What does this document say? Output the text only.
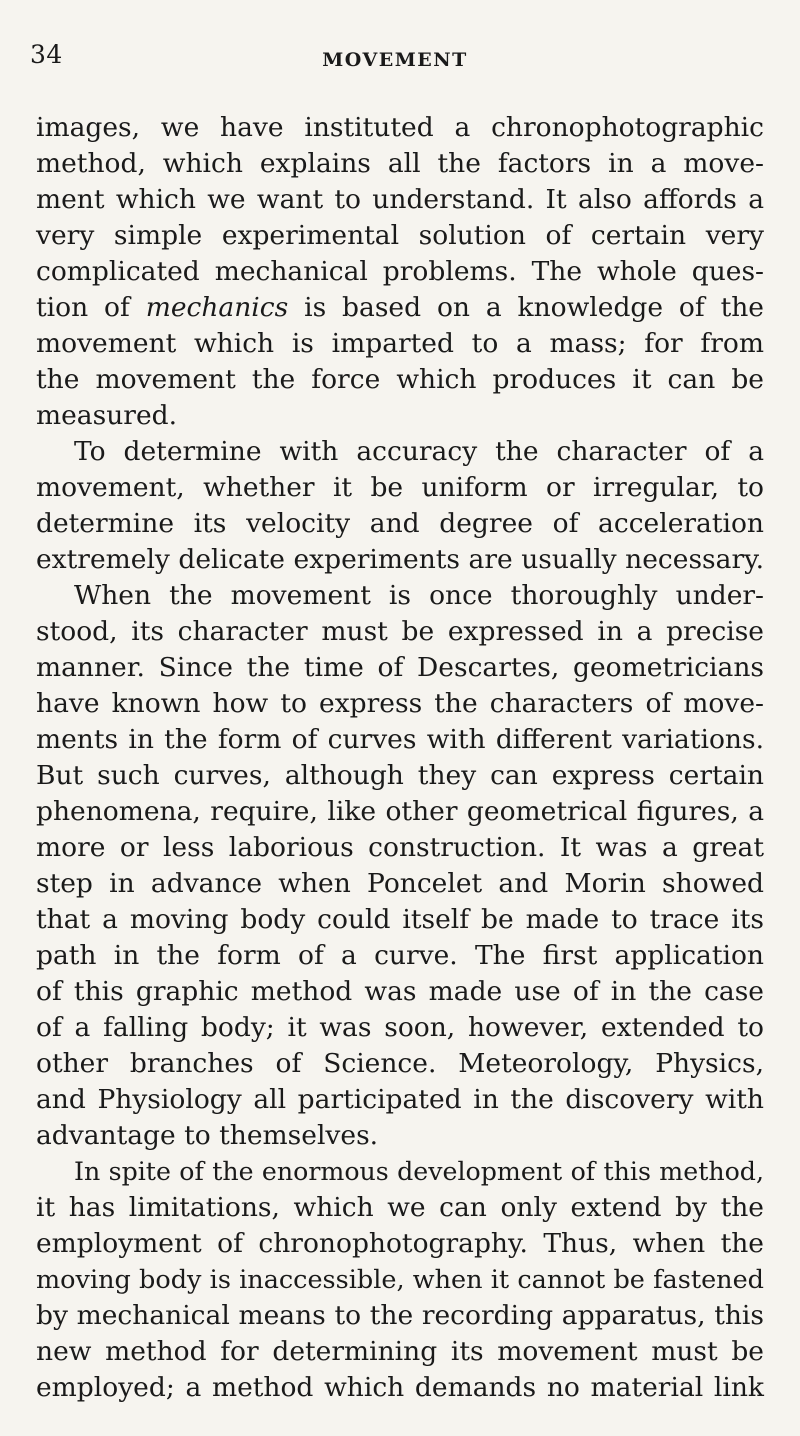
34	MOVEMENT
images, we have instituted a chronophotographic
method, which explains all the factors in a move-
ment which we want to understand. It also affords a
very simple experimental solution of certain very
complicated mechanical problems. The whole ques-
tion of mechanics is based on a knowledge of the
movement which is imparted to a mass; for from
the movement the force which produces it can be
measured.
To determine with accuracy the character of a
movement, whether it be uniform or irregular, to
determine its velocity and degree of acceleration
extremely delicate experiments are usually necessary.
When the movement is once thoroughly under-
stood, its character must be expressed in a precise
manner. Since the time of Descartes, geometricians
have known how to express the characters of move-
ments in the form of curves with different variations.
But such curves, although they can express certain
phenomena, require, like other geometrical figures, a
more or less laborious construction. It was a great
step in advance when Poncelet and Morin showed
that a moving body could itself be made to trace its
path in the form of a curve. The first application
of this graphic method was made use of in the case
of a falling body; it was soon, however, extended to
other branches of Science. Meteorology, Physics,
and Physiology all participated in the discovery with
advantage to themselves.
In spite of the enormous development of this method,
it has limitations, which we can only extend by the
employment of chronophotography. Thus, when the
moving body is inaccessible, when it cannot be fastened
by mechanical means to the recording apparatus, this
new method for determining its movement must be
employed; a method which demands no material link
